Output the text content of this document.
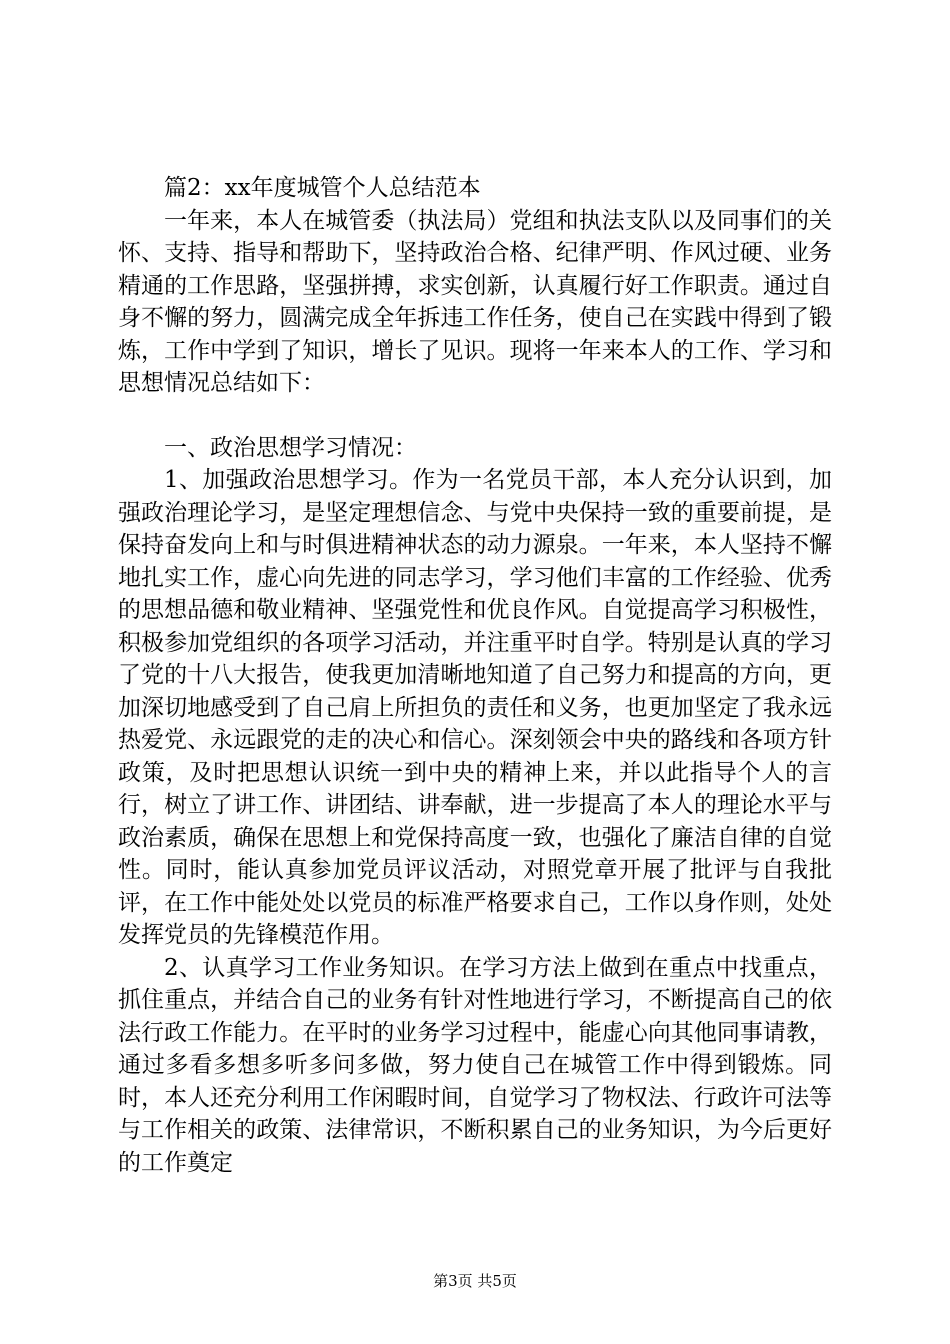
篇2：xx年度城管个人总结范本

一年来，本人在城管委（执法局）党组和执法支队以及同事们的关怀、支持、指导和帮助下，坚持政治合格、纪律严明、作风过硬、业务精通的工作思路，坚强拼搏，求实创新，认真履行好工作职责。通过自身不懈的努力，圆满完成全年拆违工作任务，使自己在实践中得到了锻炼，工作中学到了知识，增长了见识。现将一年来本人的工作、学习和思想情况总结如下：

一、政治思想学习情况：

1、加强政治思想学习。作为一名党员干部，本人充分认识到，加强政治理论学习，是坚定理想信念、与党中央保持一致的重要前提，是保持奋发向上和与时俱进精神状态的动力源泉。一年来，本人坚持不懈地扎实工作，虚心向先进的同志学习，学习他们丰富的工作经验、优秀的思想品德和敬业精神、坚强党性和优良作风。自觉提高学习积极性，积极参加党组织的各项学习活动，并注重平时自学。特别是认真的学习了党的十八大报告，使我更加清晰地知道了自己努力和提高的方向，更加深切地感受到了自己肩上所担负的责任和义务，也更加坚定了我永远热爱党、永远跟党的走的决心和信心。深刻领会中央的路线和各项方针政策，及时把思想认识统一到中央的精神上来，并以此指导个人的言行，树立了讲工作、讲团结、讲奉献，进一步提高了本人的理论水平与政治素质，确保在思想上和党保持高度一致，也强化了廉洁自律的自觉性。同时，能认真参加党员评议活动，对照党章开展了批评与自我批评，在工作中能处处以党员的标准严格要求自己，工作以身作则，处处发挥党员的先锋模范作用。

2、认真学习工作业务知识。在学习方法上做到在重点中找重点，抓住重点，并结合自己的业务有针对性地进行学习，不断提高自己的依法行政工作能力。在平时的业务学习过程中，能虚心向其他同事请教，通过多看多想多听多问多做，努力使自己在城管工作中得到锻炼。同时，本人还充分利用工作闲暇时间，自觉学习了物权法、行政许可法等与工作相关的政策、法律常识，不断积累自己的业务知识，为今后更好的工作奠定

第3页 共5页
